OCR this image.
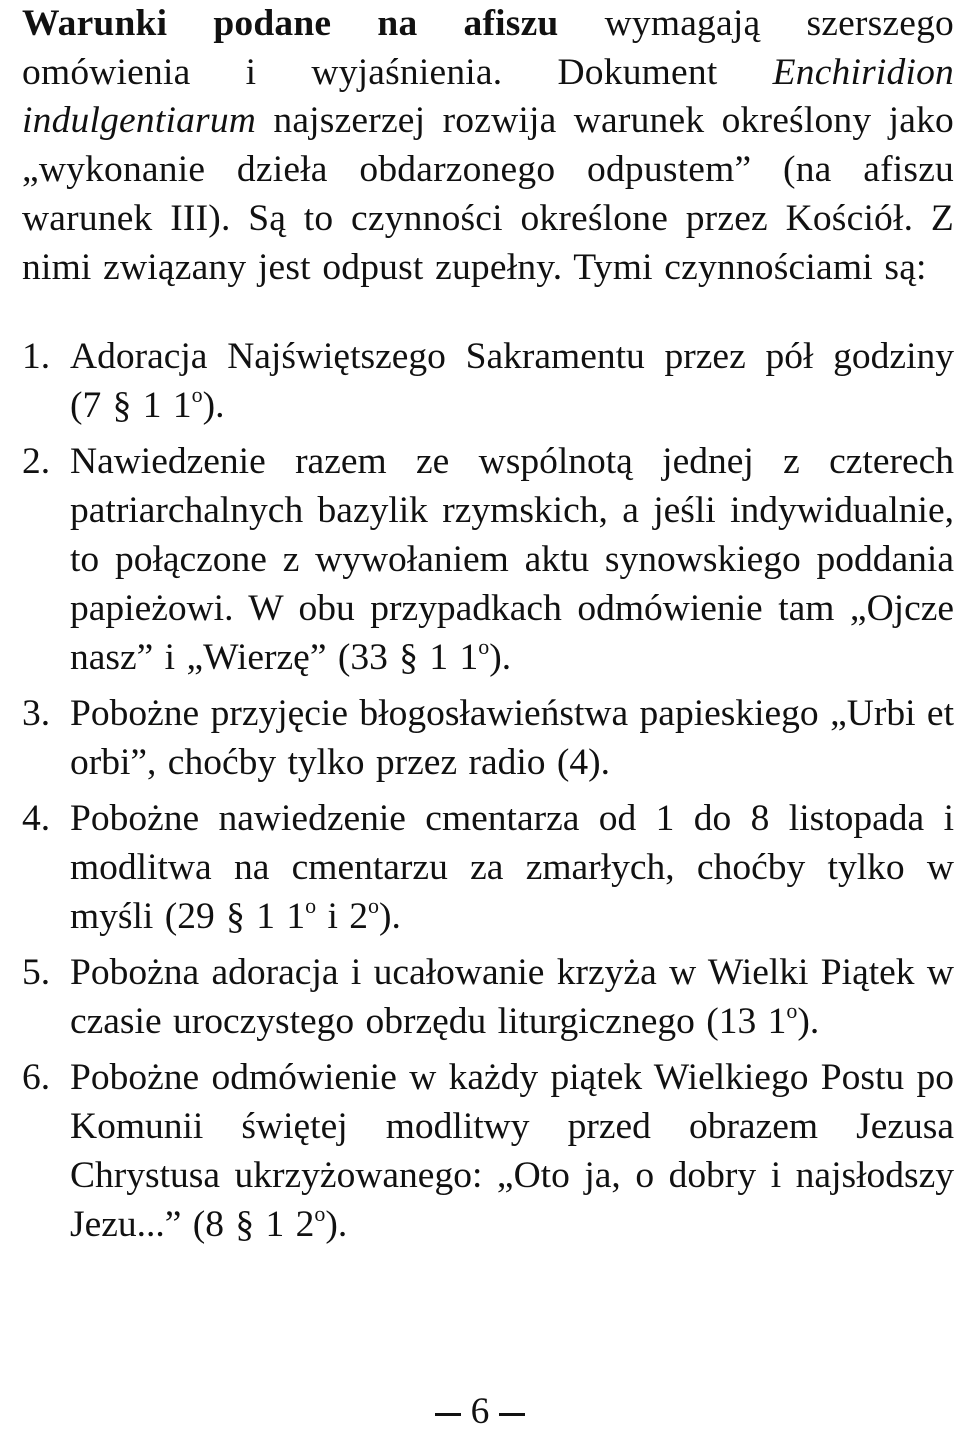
Warunki podane na afiszu wymagają szerszego omówienia i wyjaśnienia. Dokument Enchiridion indulgentiarum najszerzej rozwija warunek określony jako „wykonanie dzieła obdarzonego odpustem” (na afiszu warunek III). Są to czynności określone przez Kościół. Z nimi związany jest odpust zupełny. Tymi czynnościami są:

1. Adoracja Najświętszego Sakramentu przez pół godziny (7 § 1 1$^o$).
2. Nawiedzenie razem ze wspólnotą jednej z czterech patriarchalnych bazylik rzymskich, a jeśli indywidualnie, to połączone z wywołaniem aktu synowskiego poddania papieżowi. W obu przypadkach odmówienie tam „Ojcze nasz” i „Wierzę” (33 § 1 1$^o$).
3. Pobożne przyjęcie błogosławieństwa papieskiego „Urbi et orbi”, choćby tylko przez radio (4).
4. Pobożne nawiedzenie cmentarza od 1 do 8 listopada i modlitwa na cmentarzu za zmarłych, choćby tylko w myśli (29 § 1 1$^o$ i 2$^o$).
5. Pobożna adoracja i ucałowanie krzyża w Wielki Piątek w czasie uroczystego obrzędu liturgicznego (13 1$^o$).
6. Pobożne odmówienie w każdy piątek Wielkiego Postu po Komunii świętej modlitwy przed obrazem Jezusa Chrystusa ukrzyżowanego: „Oto ja, o dobry i najsłodszy Jezu...” (8 § 1 2$^o$).
6
